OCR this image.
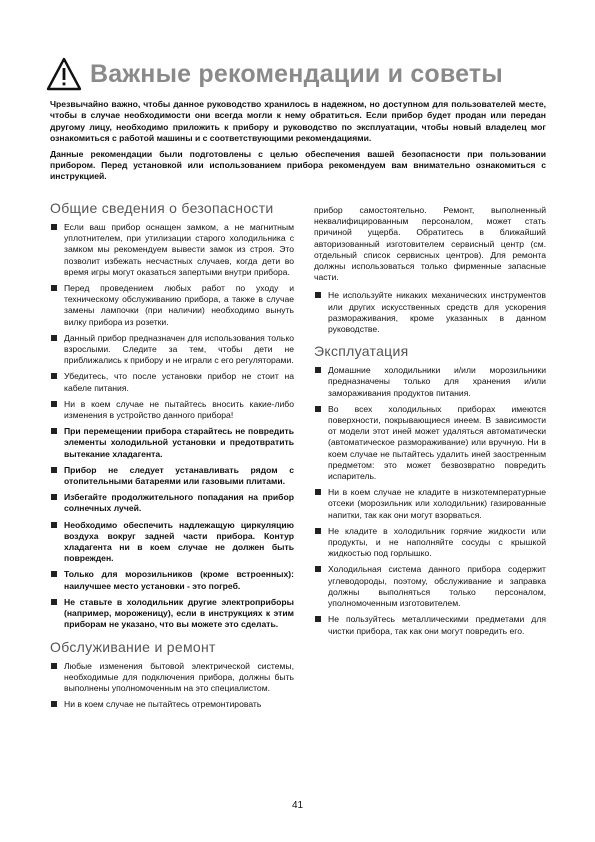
Важные рекомендации и советы

Чрезвычайно важно, чтобы данное руководство хранилось в надежном, но доступном для пользователей месте, чтобы в случае необходимости они всегда могли к нему обратиться. Если прибор будет продан или передан другому лицу, необходимо приложить к прибору и руководство по эксплуатации, чтобы новый владелец мог ознакомиться с работой машины и с соответствующими рекомендациями.

Данные рекомендации были подготовлены с целью обеспечения вашей безопасности при пользовании прибором. Перед установкой или использованием прибора рекомендуем вам внимательно ознакомиться с инструкцией.

Общие сведения о безопасности
Если ваш прибор оснащен замком, а не магнитным уплотнителем, при утилизации старого холодильника с замком мы рекомендуем вывести замок из строя. Это позволит избежать несчастных случаев, когда дети во время игры могут оказаться запертыми внутри прибора.
Перед проведением любых работ по уходу и техническому обслуживанию прибора, а также в случае замены лампочки (при наличии) необходимо вынуть вилку прибора из розетки.
Данный прибор предназначен для использования только взрослыми. Следите за тем, чтобы дети не приближались к прибору и не играли с его регуляторами.
Убедитесь, что после установки прибор не стоит на кабеле питания.
Ни в коем случае не пытайтесь вносить какие-либо изменения в устройство данного прибора!
При перемещении прибора старайтесь не повредить элементы холодильной установки и предотвратить вытекание хладагента.
Прибор не следует устанавливать рядом с отопительными батареями или газовыми плитами.
Избегайте продолжительного попадания на прибор солнечных лучей.
Необходимо обеспечить надлежащую циркуляцию воздуха вокруг задней части прибора. Контур хладагента ни в коем случае не должен быть поврежден.
Только для морозильников (кроме встроенных): наилучшее место установки - это погреб.
Не ставьте в холодильник другие электроприборы (например, мороженицу), если в инструкциях к этим приборам не указано, что вы можете это сделать.
Обслуживание и ремонт
Любые изменения бытовой электрической системы, необходимые для подключения прибора, должны быть выполнены уполномоченным на это специалистом.
Ни в коем случае не пытайтесь отремонтировать

прибор самостоятельно. Ремонт, выполненный неквалифицированным персоналом, может стать причиной ущерба. Обратитесь в ближайший авторизованный изготовителем сервисный центр (см. отдельный список сервисных центров). Для ремонта должны использоваться только фирменные запасные части.

Не используйте никаких механических инструментов или других искусственных средств для ускорения размораживания, кроме указанных в данном руководстве.
Эксплуатация
Домашние холодильники и/или морозильники предназначены только для хранения и/или замораживания продуктов питания.
Во всех холодильных приборах имеются поверхности, покрывающиеся инеем. В зависимости от модели этот иней может удаляться автоматически (автоматическое размораживание) или вручную. Ни в коем случае не пытайтесь удалить иней заостренным предметом: это может безвозвратно повредить испаритель.
Ни в коем случае не кладите в низкотемпературные отсеки (морозильник или холодильник) газированные напитки, так как они могут взорваться.
Не кладите в холодильник горячие жидкости или продукты, и не наполняйте сосуды с крышкой жидкостью под горлышко.
Холодильная система данного прибора содержит углеводороды, поэтому, обслуживание и заправка должны выполняться только персоналом, уполномоченным изготовителем.
Не пользуйтесь металлическими предметами для чистки прибора, так как они могут повредить его.
41
